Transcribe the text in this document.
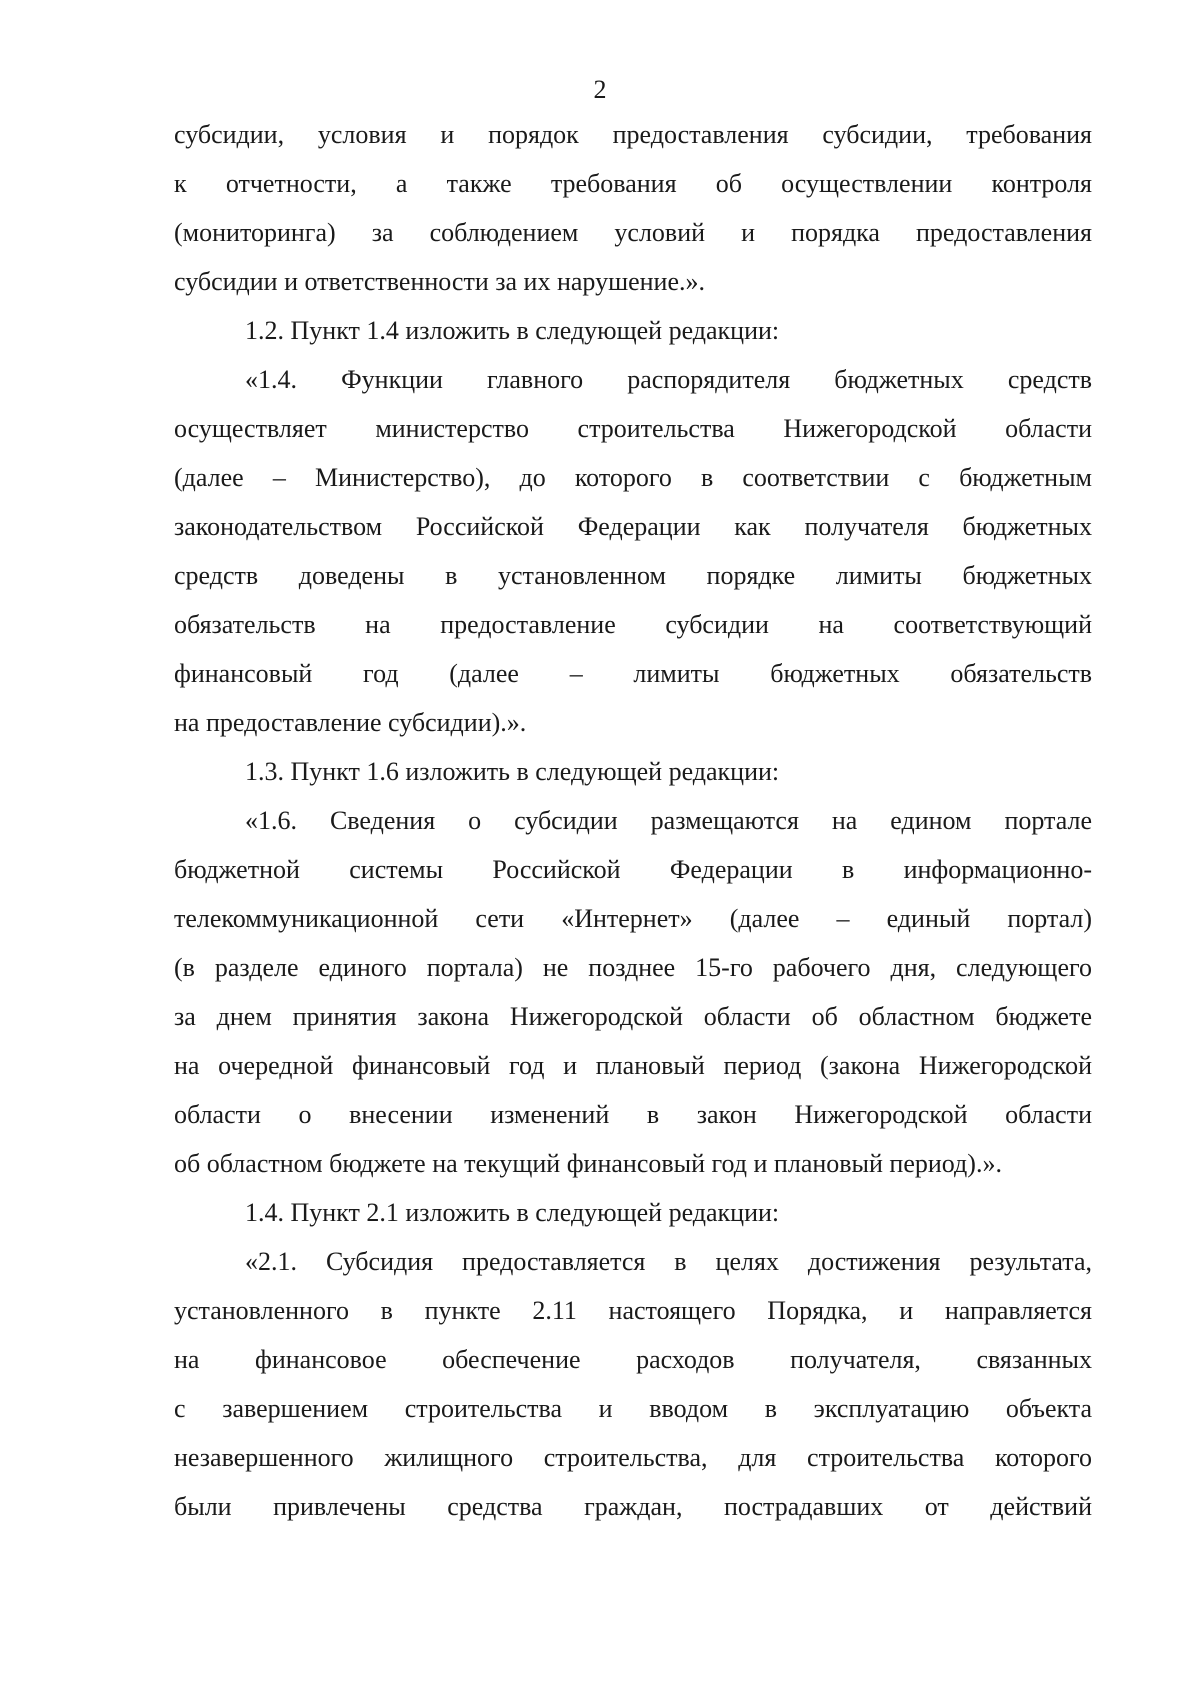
2
субсидии, условия и порядок предоставления субсидии, требования
к отчетности, а также требования об осуществлении контроля
(мониторинга) за соблюдением условий и порядка предоставления
субсидии и ответственности за их нарушение.».
1.2. Пункт 1.4 изложить в следующей редакции:
«1.4. Функции главного распорядителя бюджетных средств
осуществляет министерство строительства Нижегородской области
(далее – Министерство), до которого в соответствии с бюджетным
законодательством Российской Федерации как получателя бюджетных
средств доведены в установленном порядке лимиты бюджетных
обязательств на предоставление субсидии на соответствующий
финансовый год (далее – лимиты бюджетных обязательств
на предоставление субсидии).».
1.3. Пункт 1.6 изложить в следующей редакции:
«1.6. Сведения о субсидии размещаются на едином портале
бюджетной системы Российской Федерации в информационно-
телекоммуникационной сети «Интернет» (далее – единый портал)
(в разделе единого портала) не позднее 15-го рабочего дня, следующего
за днем принятия закона Нижегородской области об областном бюджете
на очередной финансовый год и плановый период (закона Нижегородской
области о внесении изменений в закон Нижегородской области
об областном бюджете на текущий финансовый год и плановый период).».
1.4. Пункт 2.1 изложить в следующей редакции:
«2.1. Субсидия предоставляется в целях достижения результата,
установленного в пункте 2.11 настоящего Порядка, и направляется
на финансовое обеспечение расходов получателя, связанных
с завершением строительства и вводом в эксплуатацию объекта
незавершенного жилищного строительства, для строительства которого
были привлечены средства граждан, пострадавших от действий
